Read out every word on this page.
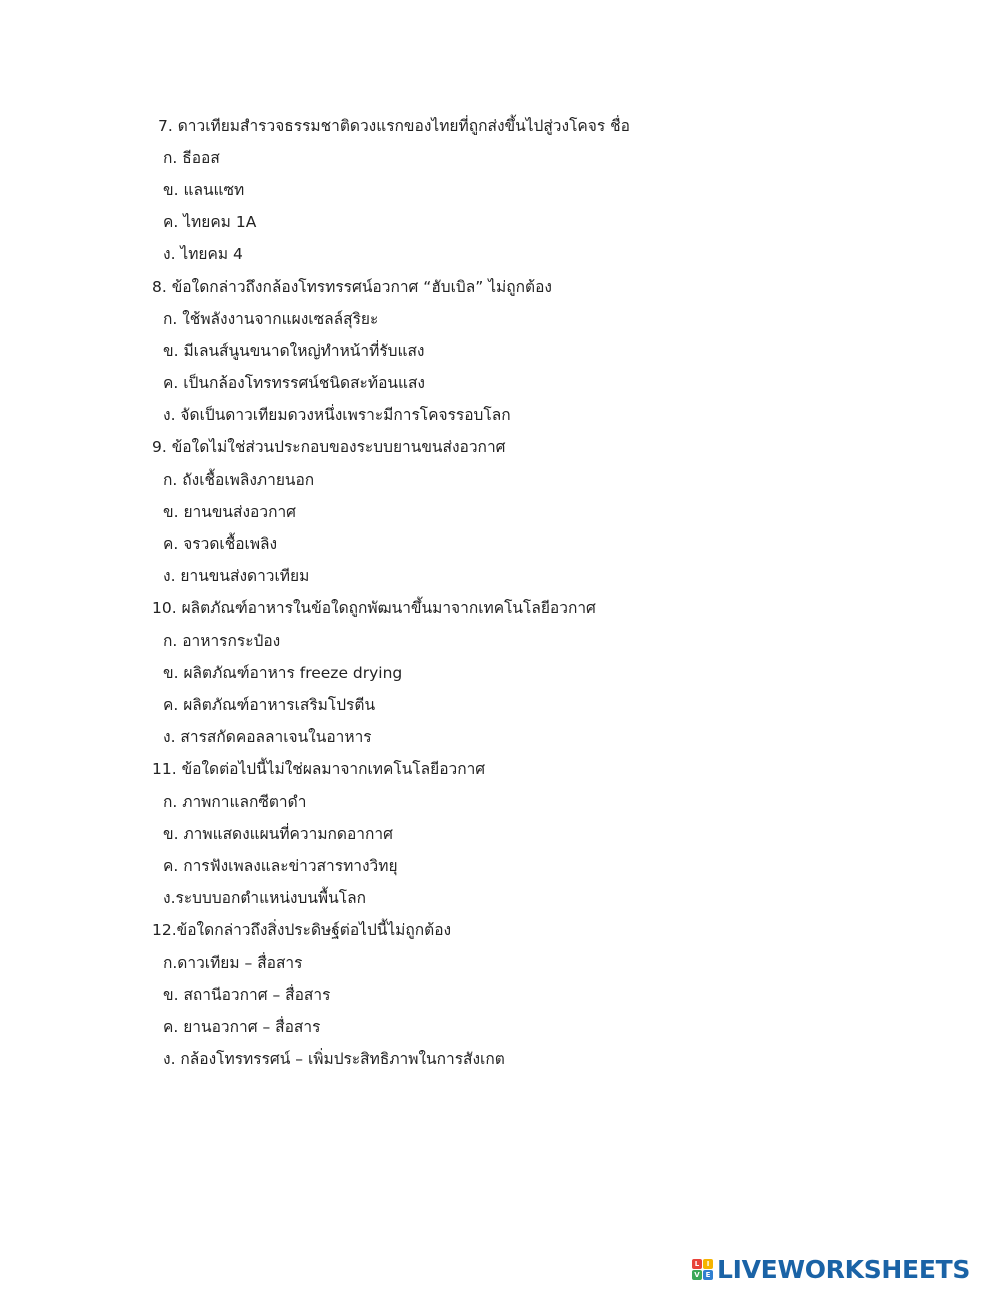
7. ดาวเทียมสำรวจธรรมชาติดวงแรกของไทยที่ถูกส่งขึ้นไปสู่วงโคจร ชื่อ
ก. ธีออส
ข. แลนแซท
ค. ไทยคม 1A
ง. ไทยคม 4
8. ข้อใดกล่าวถึงกล้องโทรทรรศน์อวกาศ “ฮับเบิล” ไม่ถูกต้อง
ก. ใช้พลังงานจากแผงเซลล์สุริยะ
ข. มีเลนส์นูนขนาดใหญ่ทำหน้าที่รับแสง
ค. เป็นกล้องโทรทรรศน์ชนิดสะท้อนแสง
ง. จัดเป็นดาวเทียมดวงหนึ่งเพราะมีการโคจรรอบโลก
9. ข้อใดไม่ใช่ส่วนประกอบของระบบยานขนส่งอวกาศ
ก. ถังเชื้อเพลิงภายนอก
ข. ยานขนส่งอวกาศ
ค. จรวดเชื้อเพลิง
ง. ยานขนส่งดาวเทียม
10. ผลิตภัณฑ์อาหารในข้อใดถูกพัฒนาขึ้นมาจากเทคโนโลยีอวกาศ
ก. อาหารกระป๋อง
ข. ผลิตภัณฑ์อาหาร freeze drying
ค. ผลิตภัณฑ์อาหารเสริมโปรตีน
ง. สารสกัดคอลลาเจนในอาหาร
11. ข้อใดต่อไปนี้ไม่ใช่ผลมาจากเทคโนโลยีอวกาศ
ก. ภาพกาแลกซีตาดำ
ข. ภาพแสดงแผนที่ความกดอากาศ
ค. การฟังเพลงและข่าวสารทางวิทยุ
ง.ระบบบอกตำแหน่งบนพื้นโลก
12.ข้อใดกล่าวถึงสิ่งประดิษฐ์ต่อไปนี้ไม่ถูกต้อง
ก.ดาวเทียม – สื่อสาร
ข. สถานีอวกาศ – สื่อสาร
ค. ยานอวกาศ – สื่อสาร
ง. กล้องโทรทรรศน์ – เพิ่มประสิทธิภาพในการสังเกต
L	I
V E LIVEWORKSHEETS
